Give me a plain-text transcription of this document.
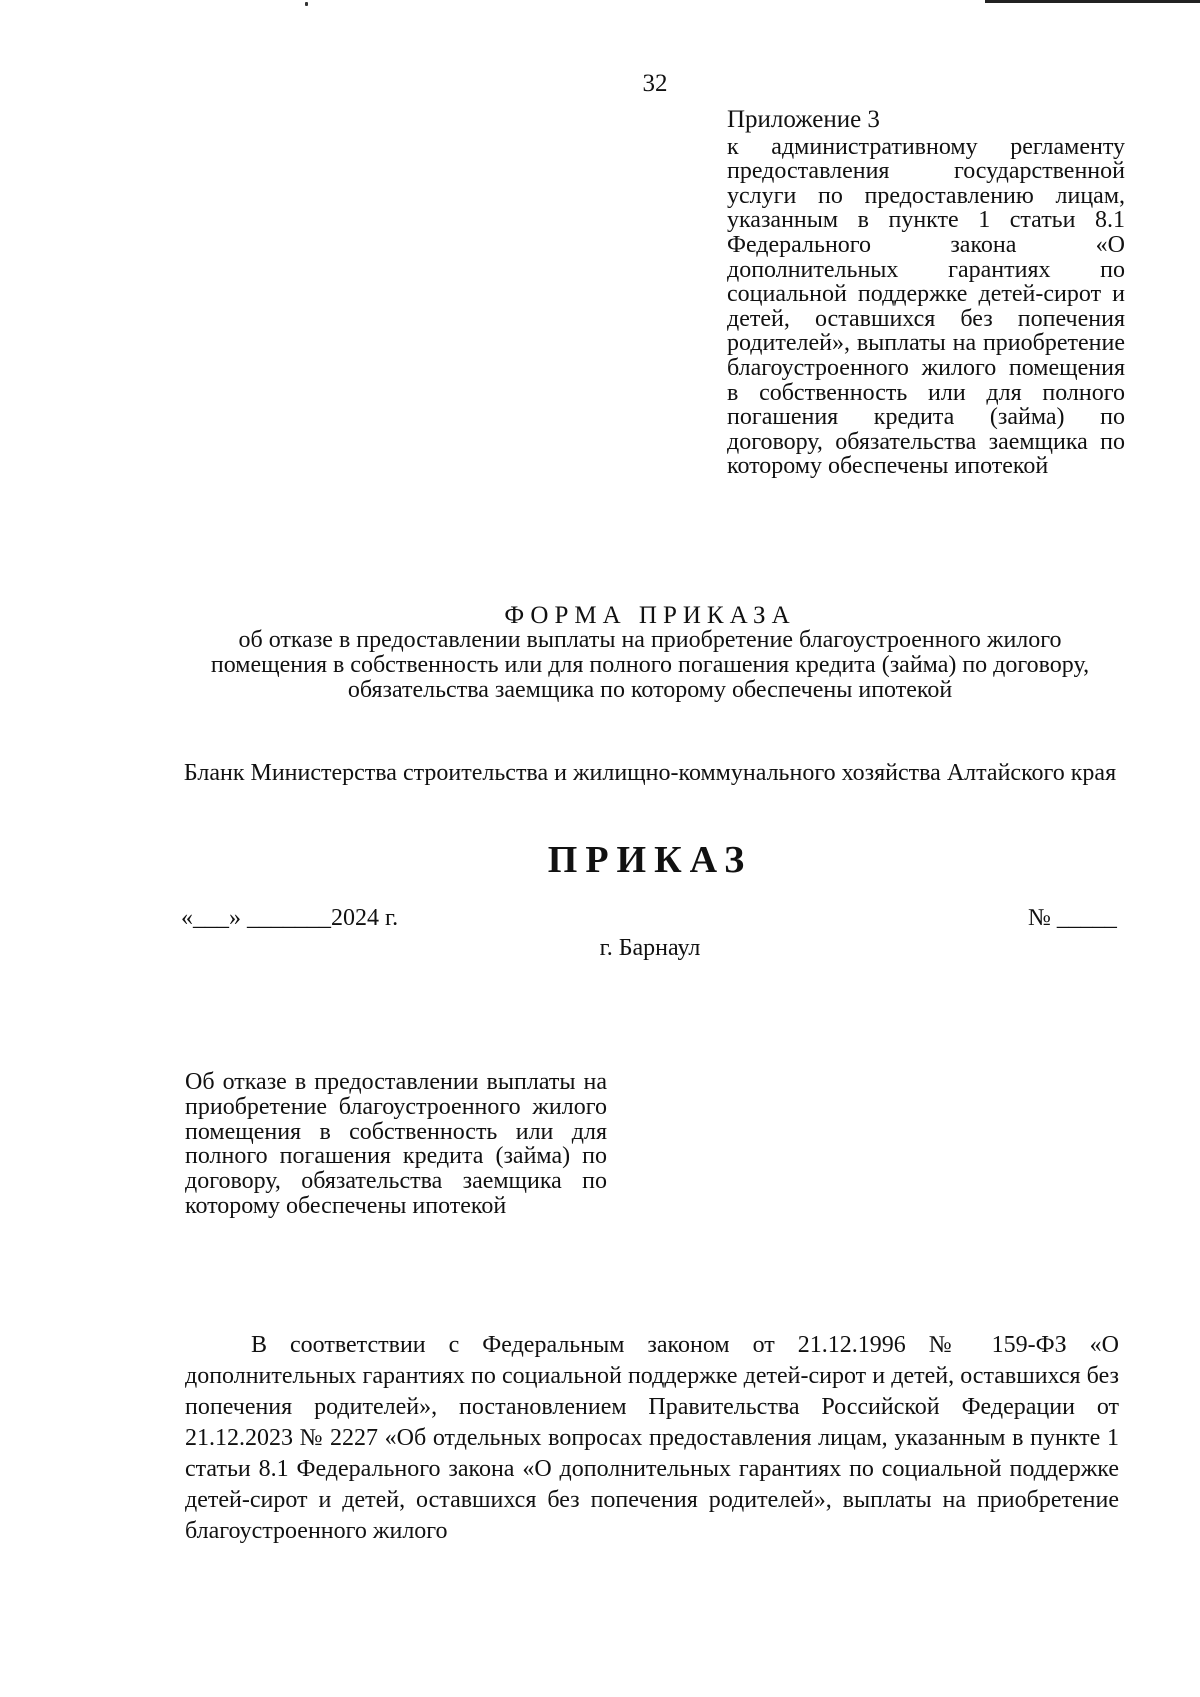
32
Приложение 3
к административному регламенту предоставления государственной услуги по предоставлению лицам, указанным в пункте 1 статьи 8.1 Федерального закона «О дополнительных гарантиях по социальной поддержке детей-сирот и детей, оставшихся без попечения родителей», выплаты на приобретение благоустроенного жилого помещения в собственность или для полного погашения кредита (займа) по договору, обязательства заемщика по которому обеспечены ипотекой
ФОРМА ПРИКАЗА
об отказе в предоставлении выплаты на приобретение благоустроенного жилого помещения в собственность или для полного погашения кредита (займа) по договору, обязательства заемщика по которому обеспечены ипотекой
Бланк Министерства строительства и жилищно-коммунального хозяйства Алтайского края
ПРИКАЗ
«___» _______2024 г.	№ _____
г. Барнаул
Об отказе в предоставлении выплаты на приобретение благоустроенного жилого помещения в собственность или для полного погашения кредита (займа) по договору, обязательства заемщика по которому обеспечены ипотекой
В соответствии с Федеральным законом от 21.12.1996 № 159-ФЗ «О дополнительных гарантиях по социальной поддержке детей-сирот и детей, оставшихся без попечения родителей», постановлением Правительства Российской Федерации от 21.12.2023 № 2227 «Об отдельных вопросах предоставления лицам, указанным в пункте 1 статьи 8.1 Федерального закона «О дополнительных гарантиях по социальной поддержке детей-сирот и детей, оставшихся без попечения родителей», выплаты на приобретение благоустроенного жилого
